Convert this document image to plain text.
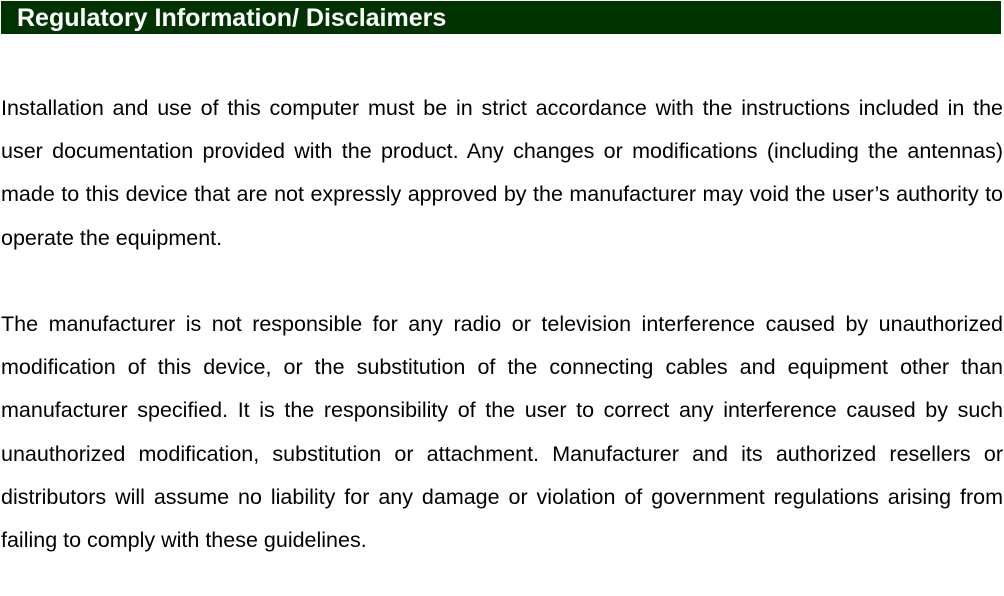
Regulatory Information/ Disclaimers

Installation and use of this computer must be in strict accordance with the instructions included in the user documentation provided with the product. Any changes or modifications (including the antennas) made to this device that are not expressly approved by the manufacturer may void the user’s authority to operate the equipment.

The manufacturer is not responsible for any radio or television interference caused by unauthorized modification of this device, or the substitution of the connecting cables and equipment other than manufacturer specified. It is the responsibility of the user to correct any interference caused by such unauthorized modification, substitution or attachment. Manufacturer and its authorized resellers or distributors will assume no liability for any damage or violation of government regulations arising from failing to comply with these guidelines.
